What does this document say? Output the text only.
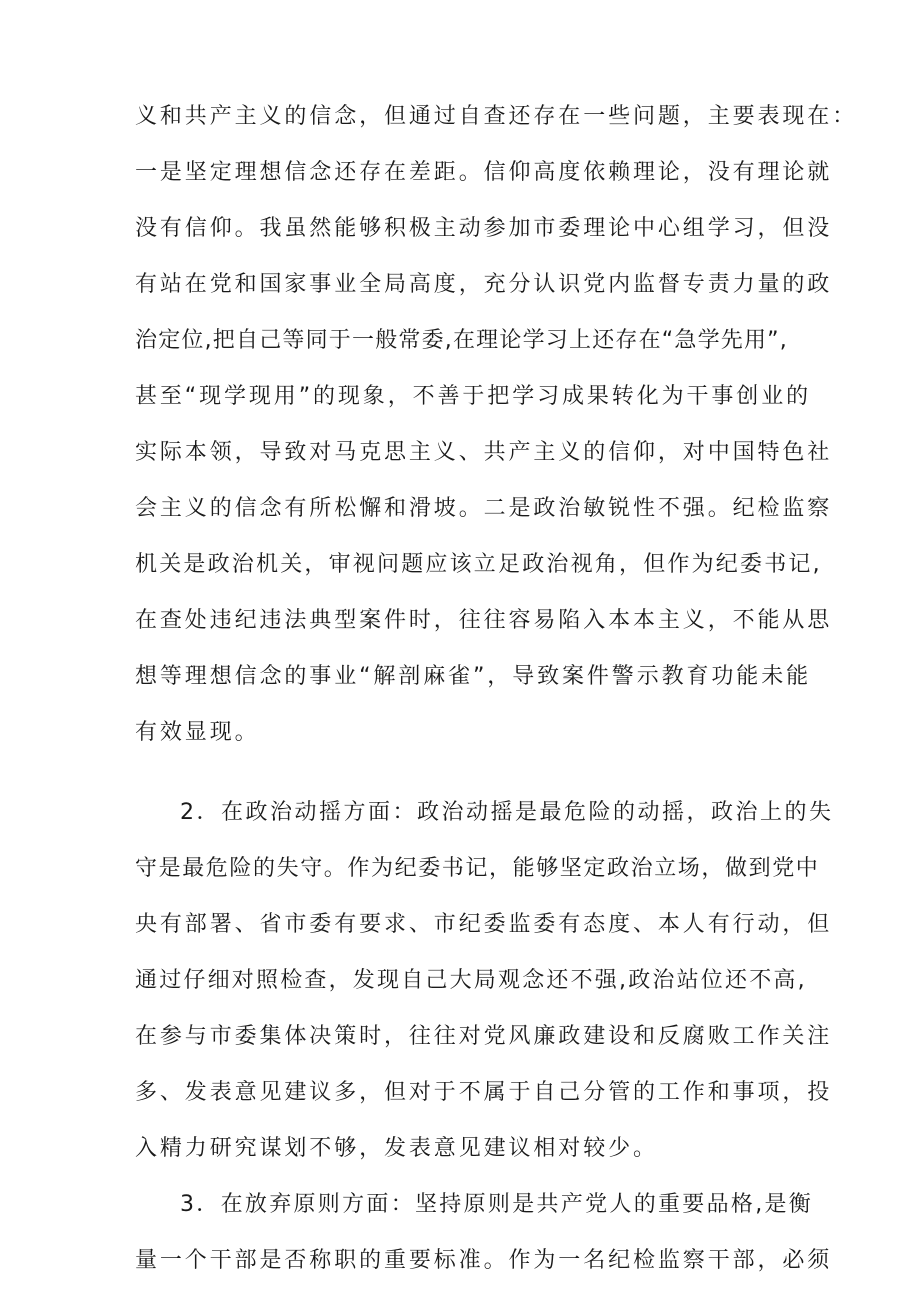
义和共产主义的信念，但通过自查还存在一些问题，主要表现在：

一是坚定理想信念还存在差距。信仰高度依赖理论，没有理论就

没有信仰。我虽然能够积极主动参加市委理论中心组学习，但没

有站在党和国家事业全局高度，充分认识党内监督专责力量的政

治定位,把自己等同于一般常委,在理论学习上还存在“急学先用”,

甚至“现学现用”的现象，不善于把学习成果转化为干事创业的

实际本领，导致对马克思主义、共产主义的信仰，对中国特色社

会主义的信念有所松懈和滑坡。二是政治敏锐性不强。纪检监察

机关是政治机关，审视问题应该立足政治视角，但作为纪委书记,

在查处违纪违法典型案件时，往往容易陷入本本主义，不能从思

想等理想信念的事业“解剖麻雀”，导致案件警示教育功能未能

有效显现。

2．在政治动摇方面：政治动摇是最危险的动摇，政治上的失

守是最危险的失守。作为纪委书记，能够坚定政治立场，做到党中

央有部署、省市委有要求、市纪委监委有态度、本人有行动，但

通过仔细对照检查，发现自己大局观念还不强,政治站位还不高,

在参与市委集体决策时，往往对党风廉政建设和反腐败工作关注

多、发表意见建议多，但对于不属于自己分管的工作和事项，投

入精力研究谋划不够，发表意见建议相对较少。

3．在放弃原则方面：坚持原则是共产党人的重要品格,是衡

量一个干部是否称职的重要标准。作为一名纪检监察干部，必须
